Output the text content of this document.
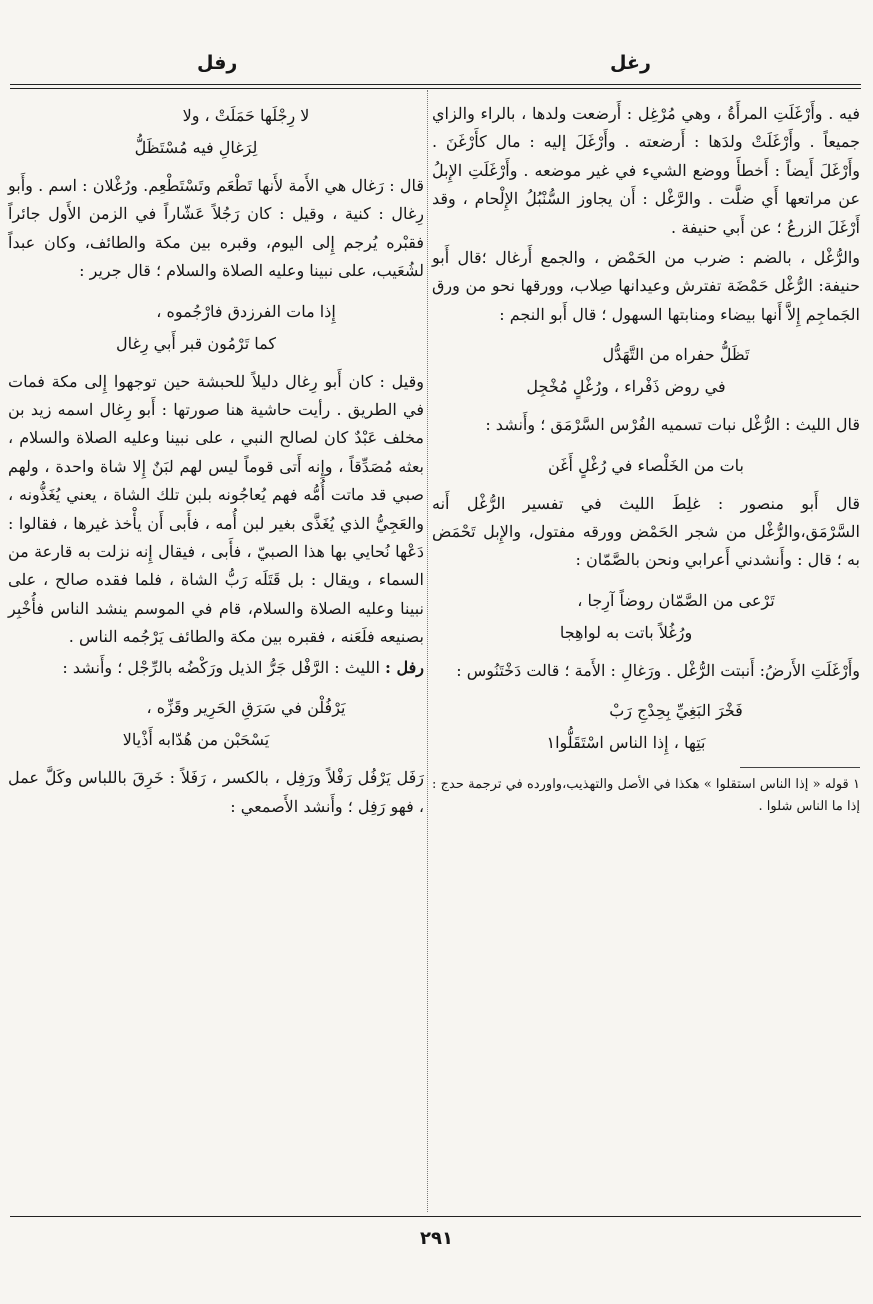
رغل
رفل

فيه . وأَرْغَلَتِ المرأَةُ ، وهي مُرْغِل : أَرضعت ولدها ، بالراء والزاي جميعاً . وأَرْغَلَتْ ولدَها : أَرضعته . وأَرْغَلَ إليه : مال كأَرْغَنَ . وأَرْغَلَ أَيضاً : أَخطأَ ووضع الشيء في غير موضعه . وأَرْغَلَتِ الإِبلُ عن مراتعها أَي ضلَّت . والرَّغْل : أَن يجاوز السُّنْبُلُ الإِلْحام ، وقد أَرْغَلَ الزرعُ ؛ عن أَبي حنيفة .

والرُّغْل ، بالضم : ضرب من الحَمْض ، والجمع أَرغال ؛قال أَبو حنيفة: الرُّغْل حَمْضَة تفترش وعيدانها صِلاب، وورقها نحو من ورق الجَماجِم إِلاَّ أَنها بيضاء ومنابتها السهول ؛ قال أَبو النجم :

تَظَلُّ حفراه من التَّهَدُّل
في روض ذَفْراء ، ورُغْلٍ مُخْجِل

قال الليث : الرُّغْل نبات تسميه الفُرْس السَّرْمَق ؛ وأَنشد :

بات من الخَلْصاء في رُغْلٍ أَغَن

قال أَبو منصور : غلِطَ الليث في تفسير الرُّغْل أَنه السَّرْمَق،والرُّغْل من شجر الحَمْض وورقه مفتول، والإِبل تَحْمَض به ؛ قال : وأَنشدني أَعرابي ونحن بالصَّمّان :

تَرْعى من الصَّمّان روضاً آرِجا ،
ورُغُلاً باتت به لواهِجا

وأَرْغَلَتِ الأَرضُ: أَنبتت الرُّغْل . ورَغالِ : الأَمة ؛ قالت دَخْتَنُوس :

فَخْرَ البَغِيِّ بِحِدْجِ رَبْ
بَتِها ، إِذا الناس اسْتَقَلُّوا١

١ قوله « إذا الناس استقلوا » هكذا في الأصل والتهذيب،واورده في ترجمة حدج : إذا ما الناس شلوا .

لا رِجْلَها حَمَلَتْ ، ولا
لِرَغالِ فيه مُسْتَظَلُّ

قال : رَغال هي الأَمة لأَنها تَطْعَم وتَسْتَطْعِم. ورُغْلان : اسم . وأَبو رِغال : كنية ، وقيل : كان رَجُلاً عَشّاراً في الزمن الأَول جائراً فقبْره يُرجم إِلى اليوم، وقبره بين مكة والطائف، وكان عبداً لشُعَيب، على نبينا وعليه الصلاة والسلام ؛ قال جرير :

إِذا مات الفرزدق فارْجُموه ،
كما تَرْمُون قبر أَبي رِغال

وقيل : كان أَبو رِغال دليلاً للحبشة حين توجهوا إِلى مكة فمات في الطريق . رأيت حاشية هنا صورتها : أَبو رِغال اسمه زيد بن مخلف عَبْدٌ كان لصالح النبي ، على نبينا وعليه الصلاة والسلام ، بعثه مُصَدِّقاً ، وإِنه أَتى قوماً ليس لهم لبَنٌ إِلا شاة واحدة ، ولهم صبي قد ماتت أُمُّه فهم يُعاجُونه بلبن تلك الشاة ، يعني يُغَذُّونه ، والعَجِيُّ الذي يُغَذَّى بغير لبن أُمه ، فأَبى أَن يأْخذ غيرها ، فقالوا : دَعْها نُحايي بها هذا الصبيّ ، فأَبى ، فيقال إِنه نزلت به قارعة من السماء ، ويقال : بل قَتَلَه رَبُّ الشاة ، فلما فقده صالح ، على نبينا وعليه الصلاة والسلام، قام في الموسم ينشد الناس فأُخْبِر بصنيعه فلَعَنه ، فقبره بين مكة والطائف يَرْجُمه الناس .

رفل : الليث : الرَّفْل جَرُّ الذيل ورَكْضُه بالرِّجْل ؛ وأَنشد :

يَرْفُلْن في سَرَقِ الحَرِير وقَزِّه ،
يَسْحَبْن من هُدّابه أَذْيالا

رَفَل يَرْفُل رَفْلاً ورَفِل ، بالكسر ، رَفَلاً : خَرِقَ باللباس وكَلَّ عمل ، فهو رَفِل ؛ وأَنشد الأَصمعي :

٢٩١
